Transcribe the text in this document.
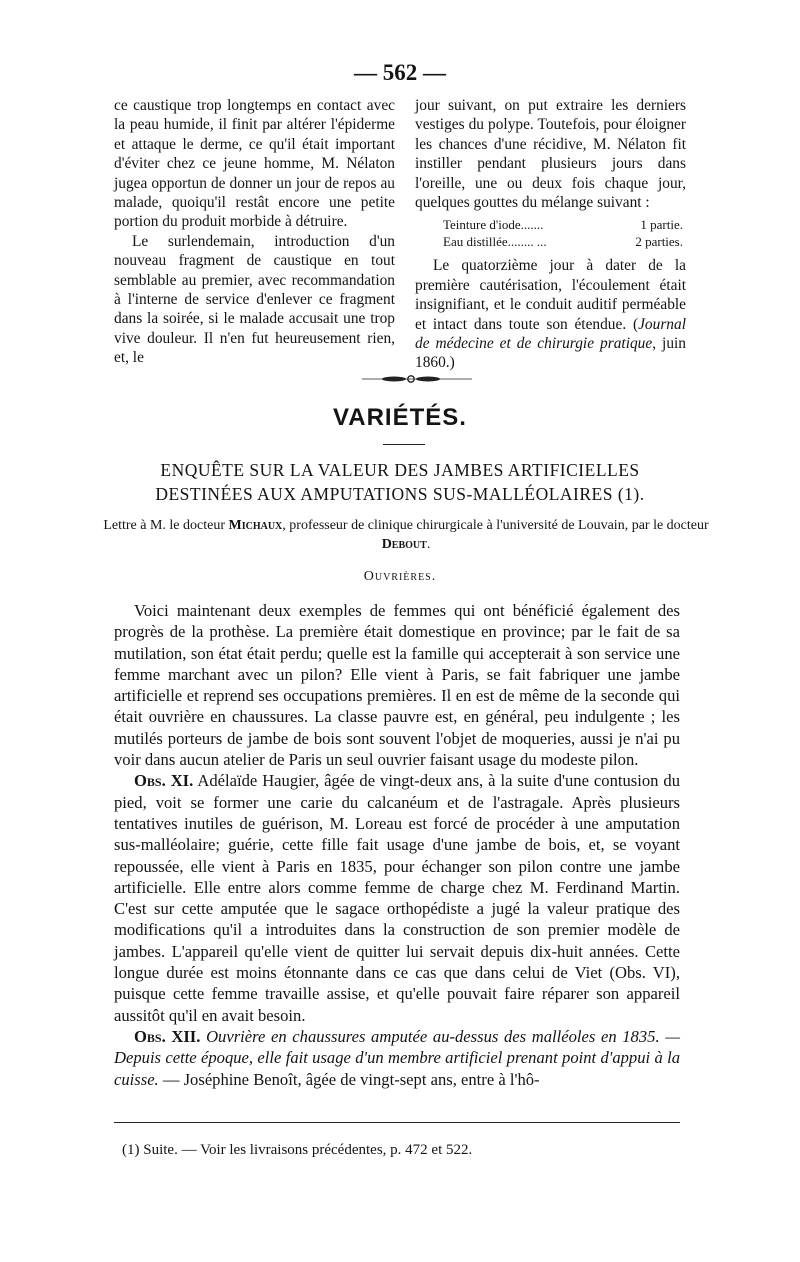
— 562 —

ce caustique trop longtemps en contact avec la peau humide, il finit par altérer l'épiderme et attaque le derme, ce qu'il était important d'éviter chez ce jeune homme, M. Nélaton jugea opportun de donner un jour de repos au malade, quoiqu'il restât encore une petite portion du produit morbide à détruire.

Le surlendemain, introduction d'un nouveau fragment de caustique en tout semblable au premier, avec recommandation à l'interne de service d'enlever ce fragment dans la soirée, si le malade accusait une trop vive douleur. Il n'en fut heureusement rien, et, le

jour suivant, on put extraire les derniers vestiges du polype. Toutefois, pour éloigner les chances d'une récidive, M. Nélaton fit instiller pendant plusieurs jours dans l'oreille, une ou deux fois chaque jour, quelques gouttes du mélange suivant :

Teinture d'iode.......	1 partie.
Eau distillée........ ...	2 parties.

Le quatorzième jour à dater de la première cautérisation, l'écoulement était insignifiant, et le conduit auditif perméable et intact dans toute son étendue. (Journal de médecine et de chirurgie pratique, juin 1860.)

VARIÉTÉS.
ENQUÊTE SUR LA VALEUR DES JAMBES ARTIFICIELLES
DESTINÉES AUX AMPUTATIONS SUS-MALLÉOLAIRES (1).
Lettre à M. le docteur Michaux, professeur de clinique chirurgicale à l'université de Louvain, par le docteur Debout.
Ouvrières.

Voici maintenant deux exemples de femmes qui ont bénéficié également des progrès de la prothèse. La première était domestique en province; par le fait de sa mutilation, son état était perdu; quelle est la famille qui accepterait à son service une femme marchant avec un pilon? Elle vient à Paris, se fait fabriquer une jambe artificielle et reprend ses occupations premières. Il en est de même de la seconde qui était ouvrière en chaussures. La classe pauvre est, en général, peu indulgente ; les mutilés porteurs de jambe de bois sont souvent l'objet de moqueries, aussi je n'ai pu voir dans aucun atelier de Paris un seul ouvrier faisant usage du modeste pilon.

Obs. XI. Adélaïde Haugier, âgée de vingt-deux ans, à la suite d'une contusion du pied, voit se former une carie du calcanéum et de l'astragale. Après plusieurs tentatives inutiles de guérison, M. Loreau est forcé de procéder à une amputation sus-malléolaire; guérie, cette fille fait usage d'une jambe de bois, et, se voyant repoussée, elle vient à Paris en 1835, pour échanger son pilon contre une jambe artificielle. Elle entre alors comme femme de charge chez M. Ferdinand Martin. C'est sur cette amputée que le sagace orthopédiste a jugé la valeur pratique des modifications qu'il a introduites dans la construction de son premier modèle de jambes. L'appareil qu'elle vient de quitter lui servait depuis dix-huit années. Cette longue durée est moins étonnante dans ce cas que dans celui de Viet (Obs. VI), puisque cette femme travaille assise, et qu'elle pouvait faire réparer son appareil aussitôt qu'il en avait besoin.

Obs. XII. Ouvrière en chaussures amputée au-dessus des malléoles en 1835. — Depuis cette époque, elle fait usage d'un membre artificiel prenant point d'appui à la cuisse. — Joséphine Benoît, âgée de vingt-sept ans, entre à l'hô-

(1) Suite. — Voir les livraisons précédentes, p. 472 et 522.
